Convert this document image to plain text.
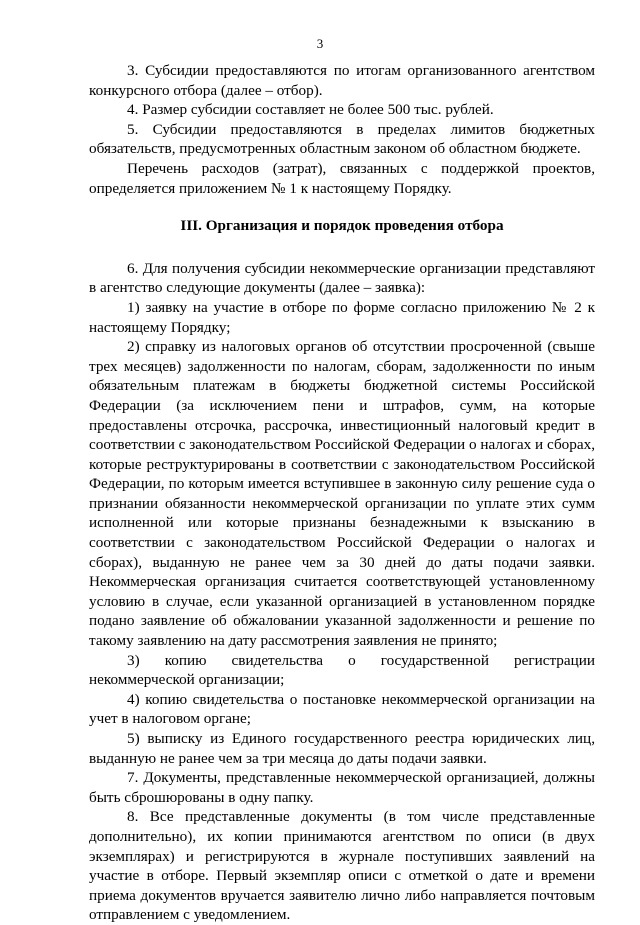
3

3. Субсидии предоставляются по итогам организованного агентством конкурсного отбора (далее – отбор).

4. Размер субсидии составляет не более 500 тыс. рублей.

5. Субсидии предоставляются в пределах лимитов бюджетных обязательств, предусмотренных областным законом об областном бюджете.

Перечень расходов (затрат), связанных с поддержкой проектов, определяется приложением № 1 к настоящему Порядку.

III. Организация и порядок проведения отбора

6. Для получения субсидии некоммерческие организации представляют в агентство следующие документы (далее – заявка):

1) заявку на участие в отборе по форме согласно приложению № 2 к настоящему Порядку;

2) справку из налоговых органов об отсутствии просроченной (свыше трех месяцев) задолженности по налогам, сборам, задолженности по иным обязательным платежам в бюджеты бюджетной системы Российской Федерации (за исключением пени и штрафов, сумм, на которые предоставлены отсрочка, рассрочка, инвестиционный налоговый кредит в соответствии с законодательством Российской Федерации о налогах и сборах, которые реструктурированы в соответствии с законодательством Российской Федерации, по которым имеется вступившее в законную силу решение суда о признании обязанности некоммерческой организации по уплате этих сумм исполненной или которые признаны безнадежными к взысканию в соответствии с законодательством Российской Федерации о налогах и сборах), выданную не ранее чем за 30 дней до даты подачи заявки. Некоммерческая организация считается соответствующей установленному условию в случае, если указанной организацией в установленном порядке подано заявление об обжаловании указанной задолженности и решение по такому заявлению на дату рассмотрения заявления не принято;

3) копию свидетельства о государственной регистрации некоммерческой организации;

4) копию свидетельства о постановке некоммерческой организации на учет в налоговом органе;

5) выписку из Единого государственного реестра юридических лиц, выданную не ранее чем за три месяца до даты подачи заявки.

7. Документы, представленные некоммерческой организацией, должны быть сброшюрованы в одну папку.

8. Все представленные документы (в том числе представленные дополнительно), их копии принимаются агентством по описи (в двух экземплярах) и регистрируются в журнале поступивших заявлений на участие в отборе. Первый экземпляр описи с отметкой о дате и времени приема документов вручается заявителю лично либо направляется почтовым отправлением с уведомлением.
